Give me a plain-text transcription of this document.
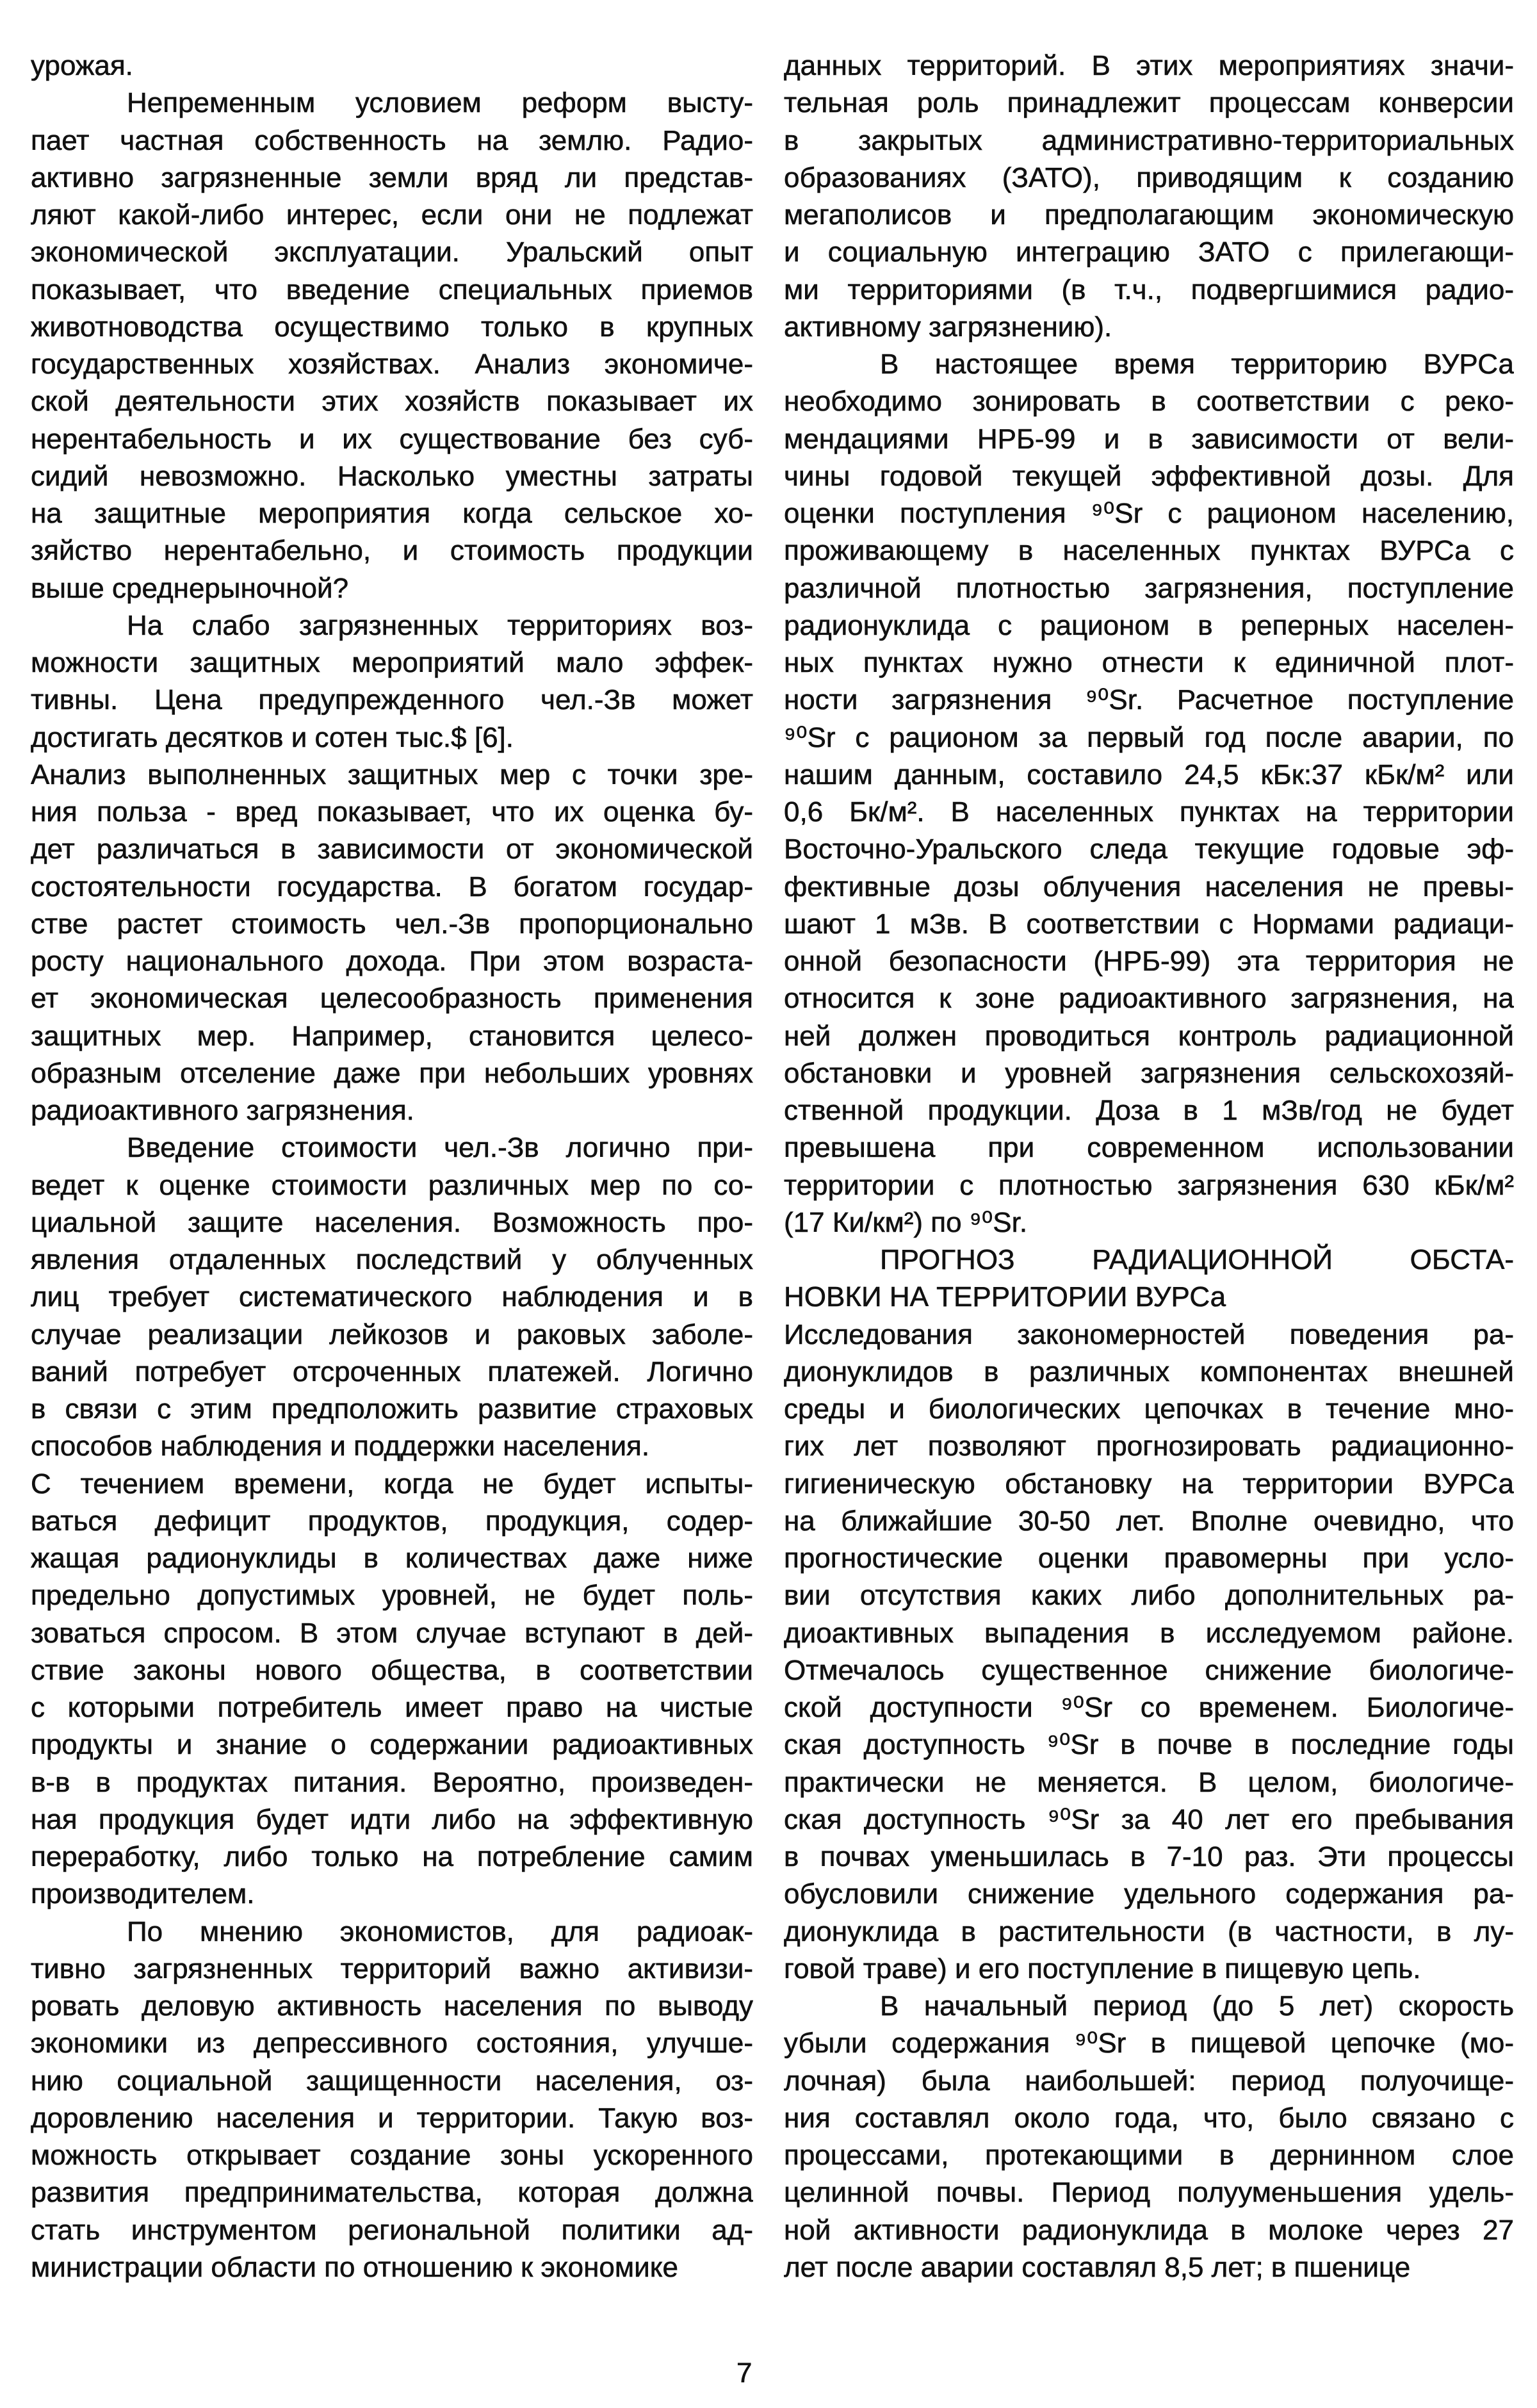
урожая.
Непременным условием реформ высту-
пает частная собственность на землю. Радио-
активно загрязненные земли вряд ли представ-
ляют какой-либо интерес, если они не подлежат
экономической эксплуатации. Уральский опыт
показывает, что введение специальных приемов
животноводства осуществимо только в крупных
государственных хозяйствах. Анализ экономиче-
ской деятельности этих хозяйств показывает их
нерентабельность и их существование без суб-
сидий невозможно. Насколько уместны затраты
на защитные мероприятия когда сельское хо-
зяйство нерентабельно, и стоимость продукции
выше среднерыночной?
На слабо загрязненных территориях воз-
можности защитных мероприятий мало эффек-
тивны. Цена предупрежденного чел.-Зв может
достигать десятков и сотен тыс.$ [6].
Анализ выполненных защитных мер с точки зре-
ния польза - вред показывает, что их оценка бу-
дет различаться в зависимости от экономической
состоятельности государства. В богатом государ-
стве растет стоимость чел.-Зв пропорционально
росту национального дохода. При этом возраста-
ет экономическая целесообразность применения
защитных мер. Например, становится целесо-
образным отселение даже при небольших уровнях
радиоактивного загрязнения.
Введение стоимости чел.-Зв логично при-
ведет к оценке стоимости различных мер по со-
циальной защите населения. Возможность про-
явления отдаленных последствий у облученных
лиц требует систематического наблюдения и в
случае реализации лейкозов и раковых заболе-
ваний потребует отсроченных платежей. Логично
в связи с этим предположить развитие страховых
способов наблюдения и поддержки населения.
С течением времени, когда не будет испыты-
ваться дефицит продуктов, продукция, содер-
жащая радионуклиды в количествах даже ниже
предельно допустимых уровней, не будет поль-
зоваться спросом. В этом случае вступают в дей-
ствие законы нового общества, в соответствии
с которыми потребитель имеет право на чистые
продукты и знание о содержании радиоактивных
в-в в продуктах питания. Вероятно, произведен-
ная продукция будет идти либо на эффективную
переработку, либо только на потребление самим
производителем.
По мнению экономистов, для радиоак-
тивно загрязненных территорий важно активизи-
ровать деловую активность населения по выводу
экономики из депрессивного состояния, улучше-
нию социальной защищенности населения, оз-
доровлению населения и территории. Такую воз-
можность открывает создание зоны ускоренного
развития предпринимательства, которая должна
стать инструментом региональной политики ад-
министрации области по отношению к экономике
данных территорий. В этих мероприятиях значи-
тельная роль принадлежит процессам конверсии
в закрытых административно-территориальных
образованиях (ЗАТО), приводящим к созданию
мегаполисов и предполагающим экономическую
и социальную интеграцию ЗАТО с прилегающи-
ми территориями (в т.ч., подвергшимися радио-
активному загрязнению).
В настоящее время территорию ВУРСа
необходимо зонировать в соответствии с реко-
мендациями НРБ-99 и в зависимости от вели-
чины годовой текущей эффективной дозы. Для
оценки поступления ⁹⁰Sr с рационом населению,
проживающему в населенных пунктах ВУРСа с
различной плотностью загрязнения, поступление
радионуклида с рационом в реперных населен-
ных пунктах нужно отнести к единичной плот-
ности загрязнения ⁹⁰Sr. Расчетное поступление
⁹⁰Sr с рационом за первый год после аварии, по
нашим данным, составило 24,5 кБк:37 кБк/м² или
0,6 Бк/м². В населенных пунктах на территории
Восточно-Уральского следа текущие годовые эф-
фективные дозы облучения населения не превы-
шают 1 мЗв. В соответствии с Нормами радиаци-
онной безопасности (НРБ-99) эта территория не
относится к зоне радиоактивного загрязнения, на
ней должен проводиться контроль радиационной
обстановки и уровней загрязнения сельскохозяй-
ственной продукции. Доза в 1 мЗв/год не будет
превышена при современном использовании
территории с плотностью загрязнения 630 кБк/м²
(17 Ки/км²) по ⁹⁰Sr.
ПРОГНОЗ РАДИАЦИОННОЙ ОБСТА-
НОВКИ НА ТЕРРИТОРИИ ВУРСа
Исследования закономерностей поведения ра-
дионуклидов в различных компонентах внешней
среды и биологических цепочках в течение мно-
гих лет позволяют прогнозировать радиационно-
гигиеническую обстановку на территории ВУРСа
на ближайшие 30-50 лет. Вполне очевидно, что
прогностические оценки правомерны при усло-
вии отсутствия каких либо дополнительных ра-
диоактивных выпадения в исследуемом районе.
Отмечалось существенное снижение биологиче-
ской доступности ⁹⁰Sr со временем. Биологиче-
ская доступность ⁹⁰Sr в почве в последние годы
практически не меняется. В целом, биологиче-
ская доступность ⁹⁰Sr за 40 лет его пребывания
в почвах уменьшилась в 7-10 раз. Эти процессы
обусловили снижение удельного содержания ра-
дионуклида в растительности (в частности, в лу-
говой траве) и его поступление в пищевую цепь.
В начальный период (до 5 лет) скорость
убыли содержания ⁹⁰Sr в пищевой цепочке (мо-
лочная) была наибольшей: период полуочище-
ния составлял около года, что, было связано с
процессами, протекающими в дернинном слое
целинной почвы. Период полууменьшения удель-
ной активности радионуклида в молоке через 27
лет после аварии составлял 8,5 лет; в пшенице
7
